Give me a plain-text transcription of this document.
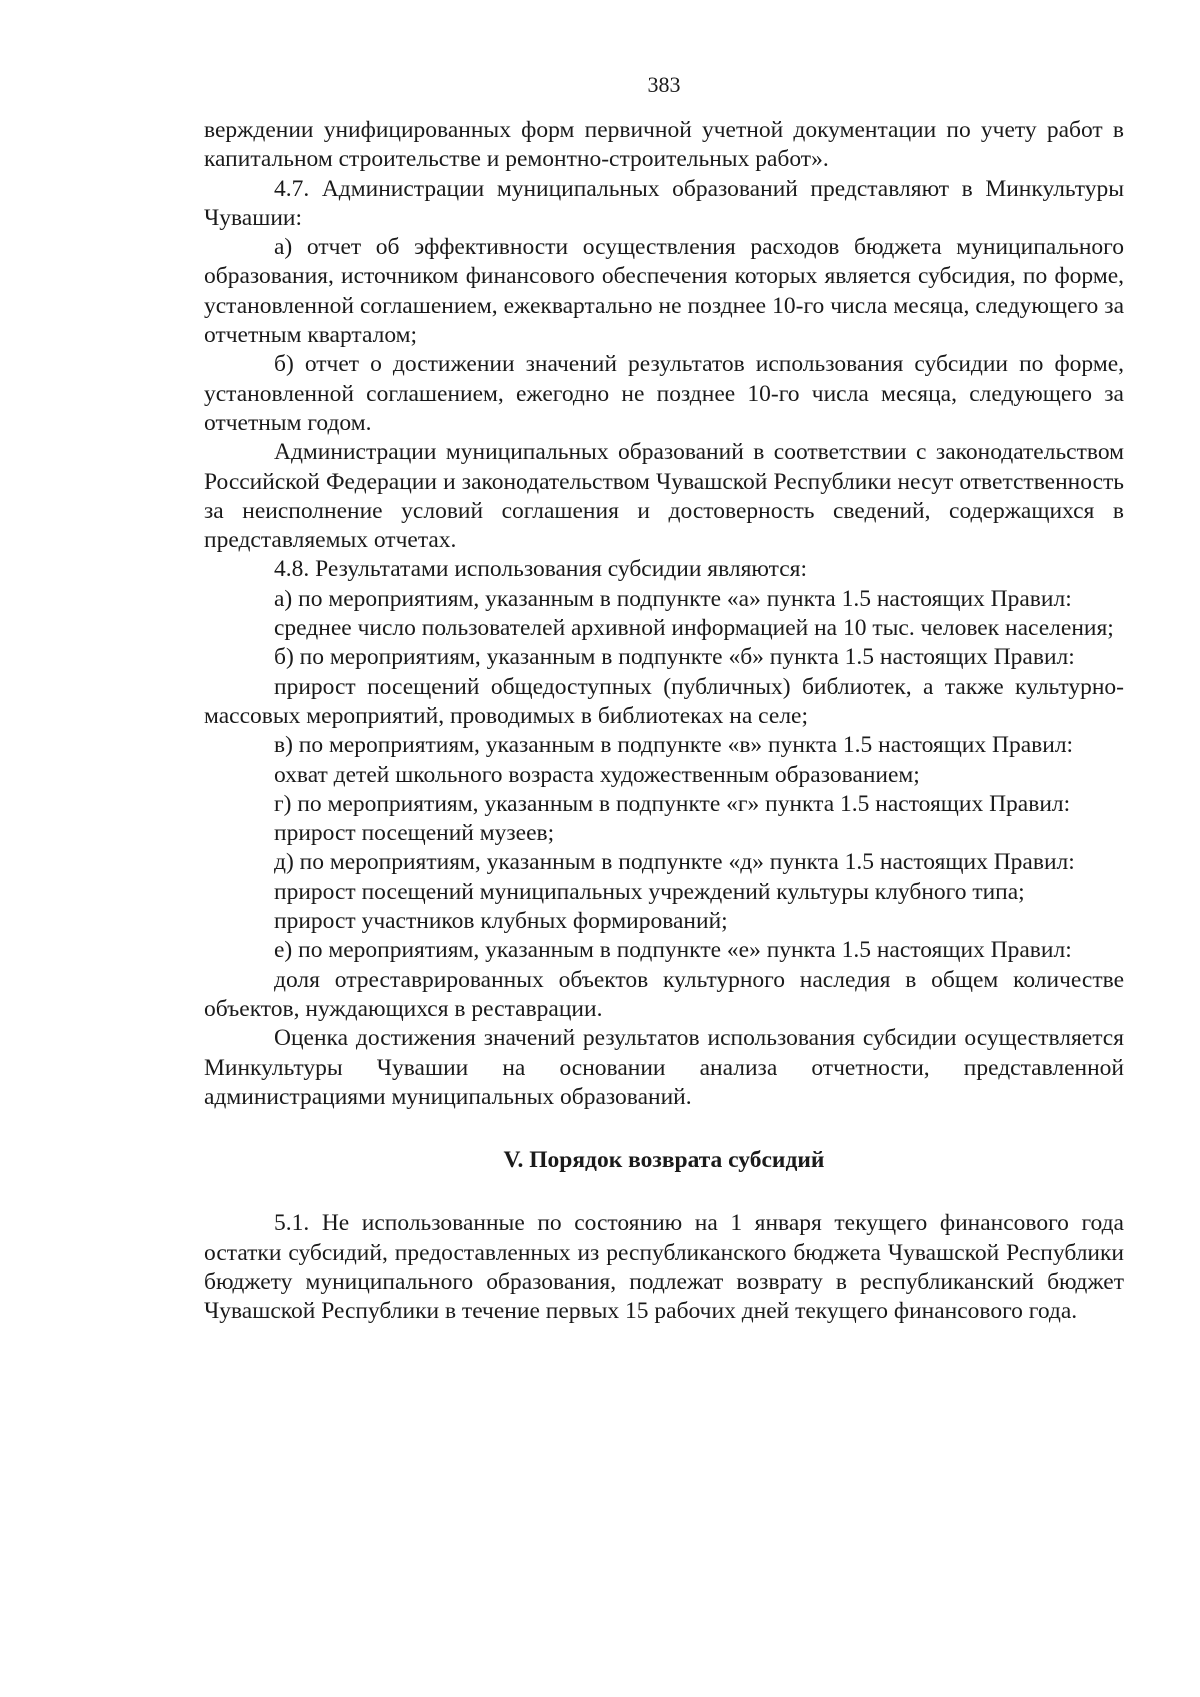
383

верждении унифицированных форм первичной учетной документации по учету работ в капитальном строительстве и ремонтно-строительных работ».

4.7. Администрации муниципальных образований представляют в Минкультуры Чувашии:

а) отчет об эффективности осуществления расходов бюджета муниципального образования, источником финансового обеспечения которых является субсидия, по форме, установленной соглашением, ежеквартально не позднее 10-го числа месяца, следующего за отчетным кварталом;

б) отчет о достижении значений результатов использования субсидии по форме, установленной соглашением, ежегодно не позднее 10-го числа месяца, следующего за отчетным годом.

Администрации муниципальных образований в соответствии с законодательством Российской Федерации и законодательством Чувашской Республики несут ответственность за неисполнение условий соглашения и достоверность сведений, содержащихся в представляемых отчетах.

4.8. Результатами использования субсидии являются:

а) по мероприятиям, указанным в подпункте «а» пункта 1.5 настоящих Правил:

среднее число пользователей архивной информацией на 10 тыс. человек населения;

б) по мероприятиям, указанным в подпункте «б» пункта 1.5 настоящих Правил:

прирост посещений общедоступных (публичных) библиотек, а также культурно-массовых мероприятий, проводимых в библиотеках на селе;

в) по мероприятиям, указанным в подпункте «в» пункта 1.5 настоящих Правил:

охват детей школьного возраста художественным образованием;

г) по мероприятиям, указанным в подпункте «г» пункта 1.5 настоящих Правил:

прирост посещений музеев;

д) по мероприятиям, указанным в подпункте «д» пункта 1.5 настоящих Правил:

прирост посещений муниципальных учреждений культуры клубного типа;

прирост участников клубных формирований;

е) по мероприятиям, указанным в подпункте «е» пункта 1.5 настоящих Правил:

доля отреставрированных объектов культурного наследия в общем количестве объектов, нуждающихся в реставрации.

Оценка достижения значений результатов использования субсидии осуществляется Минкультуры Чувашии на основании анализа отчетности, представленной администрациями муниципальных образований.

V. Порядок возврата субсидий

5.1. Не использованные по состоянию на 1 января текущего финансового года остатки субсидий, предоставленных из республиканского бюджета Чувашской Республики бюджету муниципального образования, подлежат возврату в республиканский бюджет Чувашской Республики в течение первых 15 рабочих дней текущего финансового года.
